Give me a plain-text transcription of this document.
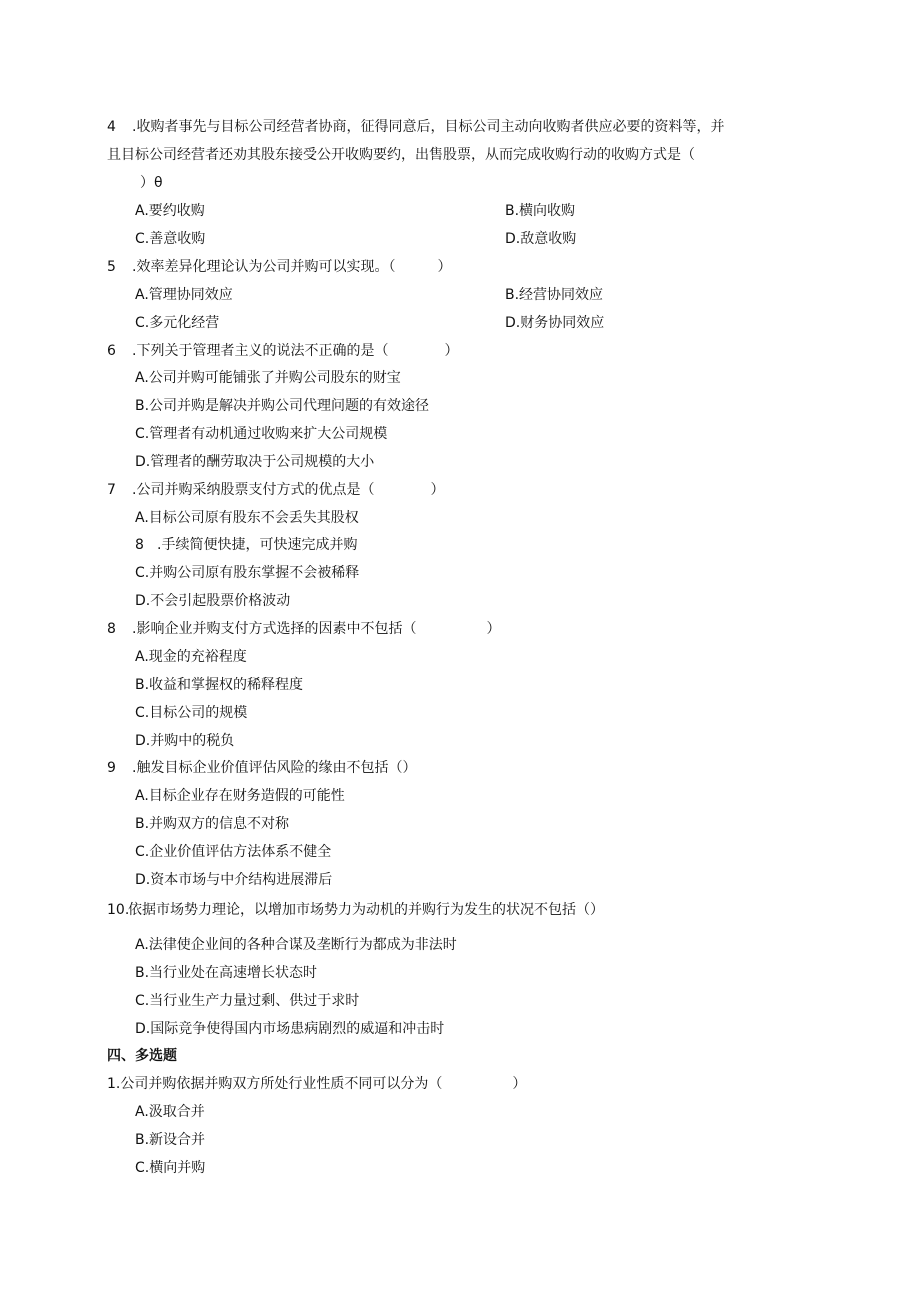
4 .收购者事先与目标公司经营者协商，征得同意后，目标公司主动向收购者供应必要的资料等，并
且目标公司经营者还劝其股东接受公开收购要约，出售股票，从而完成收购行动的收购方式是（
）θ
A.要约收购	B.横向收购
C.善意收购	D.敌意收购
5 .效率差异化理论认为公司并购可以实现。（　　　）
A.管理协同效应	B.经营协同效应
C.多元化经营	D.财务协同效应
6 .下列关于管理者主义的说法不正确的是（　　　　）
A.公司并购可能铺张了并购公司股东的财宝
B.公司并购是解决并购公司代理问题的有效途径
C.管理者有动机通过收购来扩大公司规模
D.管理者的酬劳取决于公司规模的大小
7 .公司并购采纳股票支付方式的优点是（　　　　）
A.目标公司原有股东不会丢失其股权
8 .手续简便快捷，可快速完成并购
C.并购公司原有股东掌握不会被稀释
D.不会引起股票价格波动
8 .影响企业并购支付方式选择的因素中不包括（　　　　　）
A.现金的充裕程度
B.收益和掌握权的稀释程度
C.目标公司的规模
D.并购中的税负
9 .触发目标企业价值评估风险的缘由不包括（）
A.目标企业存在财务造假的可能性
B.并购双方的信息不对称
C.企业价值评估方法体系不健全
D.资本市场与中介结构进展滞后
10.
依据市场势力理论，以增加市场势力为动机的并购行为发生的状况不包括（）
A.法律使企业间的各种合谋及垄断行为都成为非法时
B.当行业处在高速增长状态时
C.当行业生产力量过剩、供过于求时
D.国际竞争使得国内市场患病剧烈的威逼和冲击时
四、多选题
1.公司并购依据并购双方所处行业性质不同可以分为（　　　　　）
A.汲取合并
B.新设合并
C.横向并购
